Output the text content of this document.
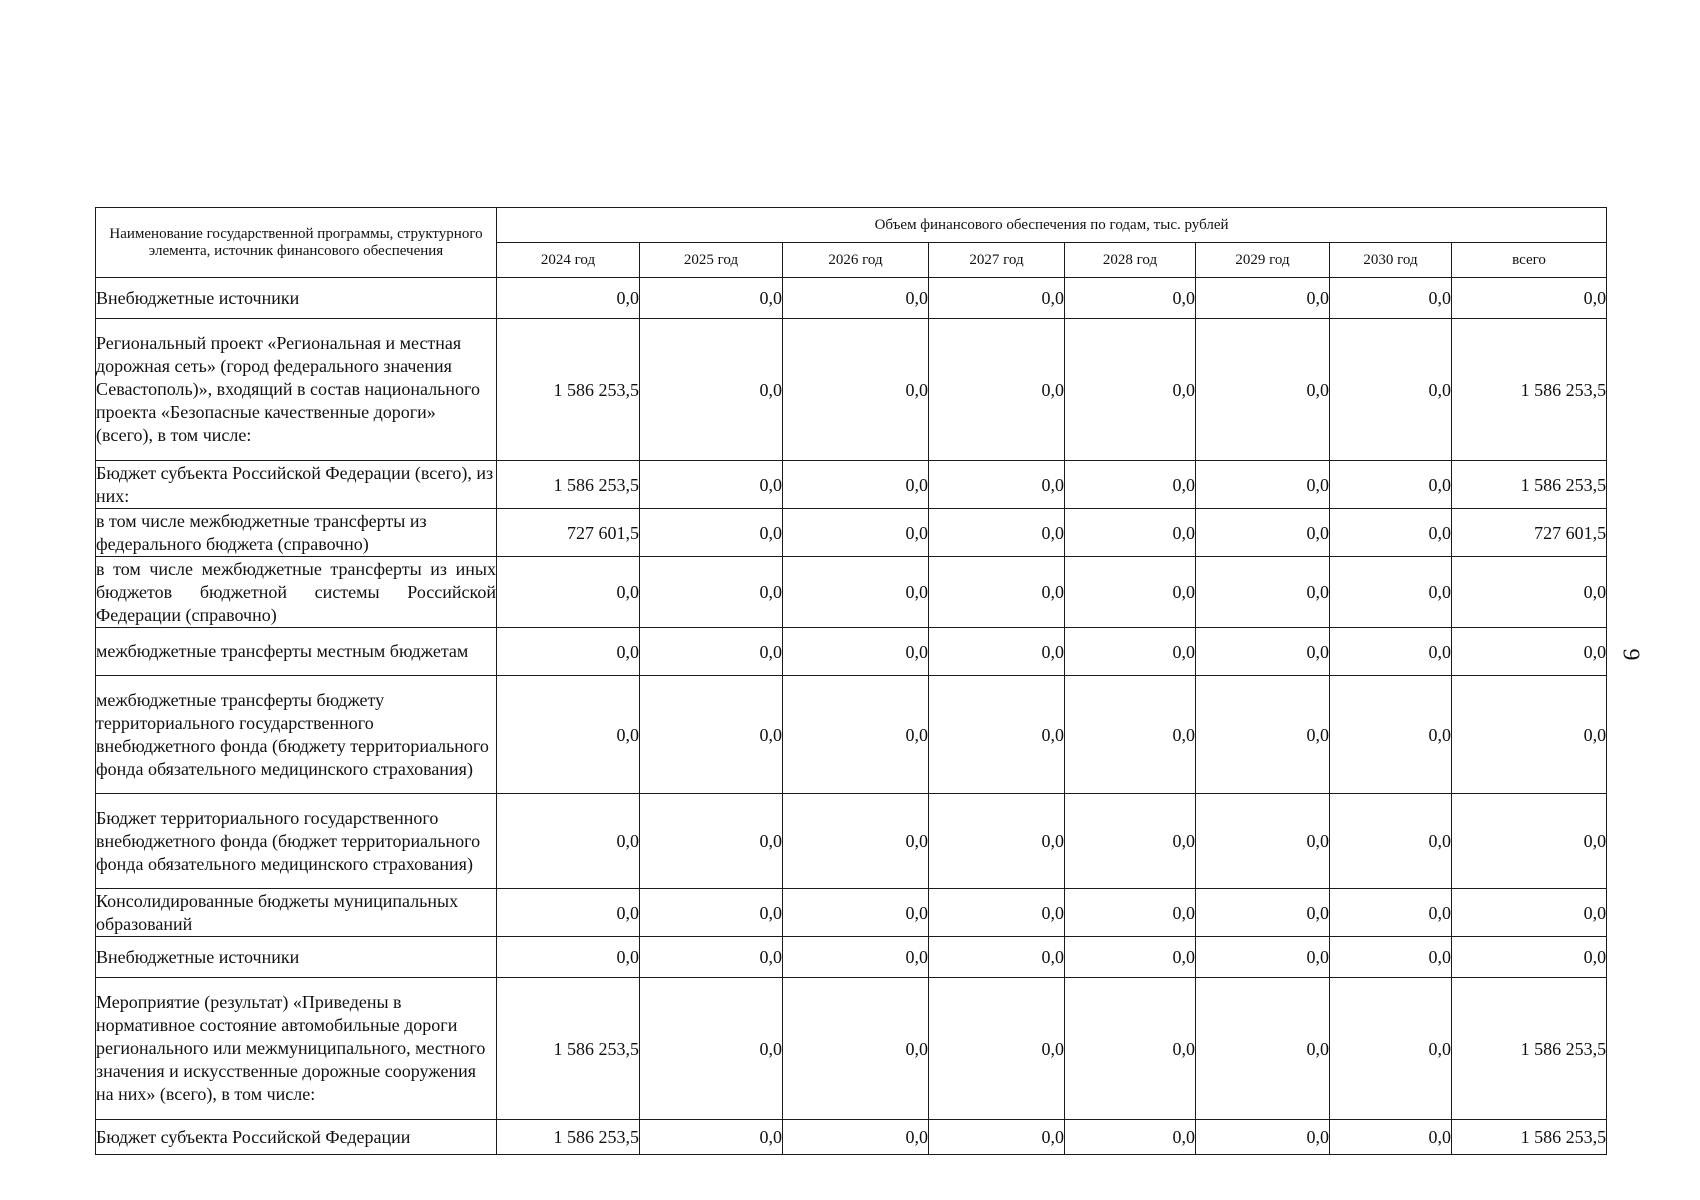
Наименование государственной программы, структурного элемента, источник финансового обеспечения	Объем финансового обеспечения по годам, тыс. рублей							
	2024 год	2025 год	2026 год	2027 год	2028 год	2029 год	2030 год	всего
Внебюджетные источники	0,0	0,0	0,0	0,0	0,0	0,0	0,0	0,0
Региональный проект «Региональная и местная дорожная сеть» (город федерального значения Севастополь)», входящий в состав национального проекта «Безопасные качественные дороги» (всего), в том числе:	1 586 253,5	0,0	0,0	0,0	0,0	0,0	0,0	1 586 253,5
Бюджет субъекта Российской Федерации (всего), из них:	1 586 253,5	0,0	0,0	0,0	0,0	0,0	0,0	1 586 253,5
в том числе межбюджетные трансферты из федерального бюджета (справочно)	727 601,5	0,0	0,0	0,0	0,0	0,0	0,0	727 601,5
в том числе межбюджетные трансферты из иных бюджетов бюджетной системы Российской Федерации (справочно)	0,0	0,0	0,0	0,0	0,0	0,0	0,0	0,0
межбюджетные трансферты местным бюджетам	0,0	0,0	0,0	0,0	0,0	0,0	0,0	0,0
межбюджетные трансферты бюджету территориального государственного внебюджетного фонда (бюджету территориального фонда обязательного медицинского страхования)	0,0	0,0	0,0	0,0	0,0	0,0	0,0	0,0
Бюджет территориального государственного внебюджетного фонда (бюджет территориального фонда обязательного медицинского страхования)	0,0	0,0	0,0	0,0	0,0	0,0	0,0	0,0
Консолидированные бюджеты муниципальных образований	0,0	0,0	0,0	0,0	0,0	0,0	0,0	0,0
Внебюджетные источники	0,0	0,0	0,0	0,0	0,0	0,0	0,0	0,0
Мероприятие (результат) «Приведены в нормативное состояние автомобильные дороги регионального или межмуниципального, местного значения и искусственные дорожные сооружения на них» (всего), в том числе:	1 586 253,5	0,0	0,0	0,0	0,0	0,0	0,0	1 586 253,5
Бюджет субъекта Российской Федерации	1 586 253,5	0,0	0,0	0,0	0,0	0,0	0,0	1 586 253,5
9
